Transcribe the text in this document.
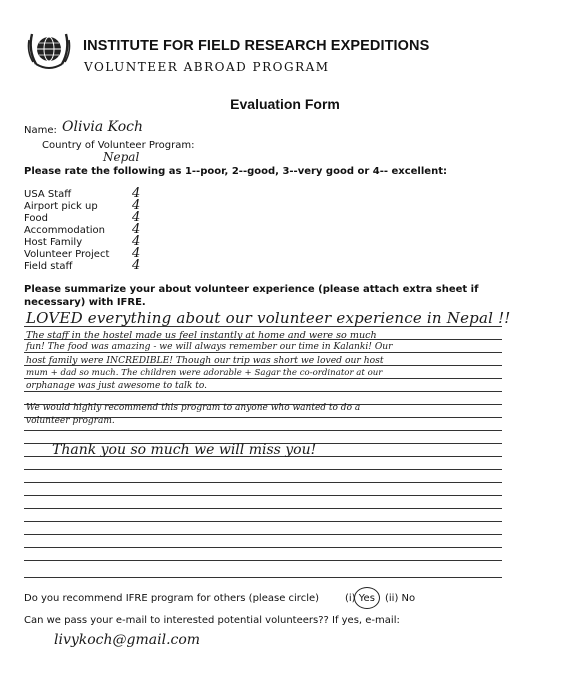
INSTITUTE FOR FIELD RESEARCH EXPEDITIONS
VOLUNTEER ABROAD PROGRAM
Evaluation Form
Name: Olivia Koch
Country of Volunteer Program:
Nepal
Please rate the following as 1--poor, 2--good, 3--very good or 4-- excellent:
USA Staff	4
Airport pick up	4
Food	4
Accommodation 4
Host Family	4
Volunteer Project 4
Field staff	4
Please summarize your about volunteer experience (please attach extra sheet if
necessary) with IFRE.
LOVED everything about our volunteer experience in Nepal !!
The staff in the hostel made us feel instantly at home and were so much
fun! The food was amazing - we will always remember our time in Kalanki! Our
host family were INCREDIBLE! Though our trip was short we loved our host
mum + dad so much. The children were adorable + Sagar the co-ordinator at our
orphanage was just awesome to talk to.
We would highly recommend this program to anyone who wanted to do a
volunteer program.
Thank you so much we will miss you!
Do you recommend IFRE program for others (please circle)	(i) Yes (ii) No
Can we pass your e-mail to interested potential volunteers?? If yes, e-mail:
livykoch@gmail.com
